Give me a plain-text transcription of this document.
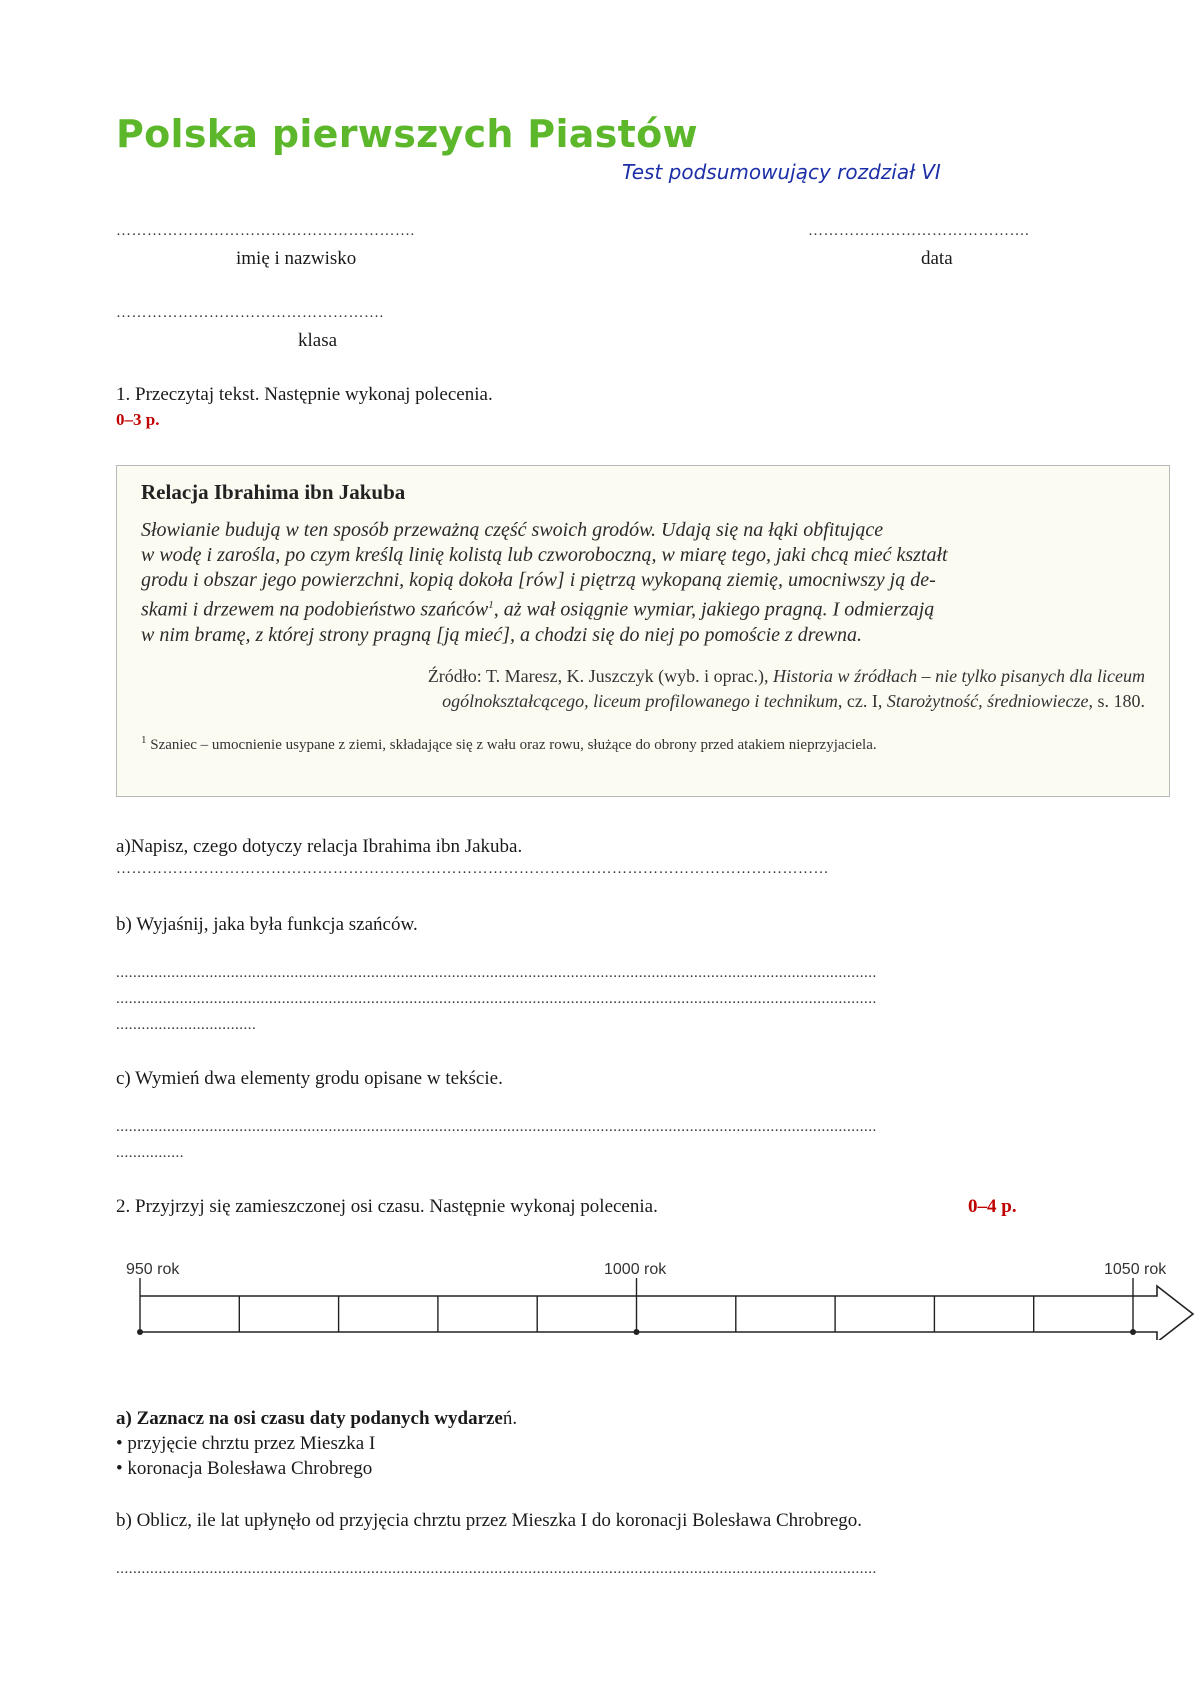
Polska pierwszych Piastów
Test podsumowujący rozdział VI
………………………………………………….
imię i nazwisko
…………………………………….
data
…………………………………………….
klasa
1. Przeczytaj tekst. Następnie wykonaj polecenia.
0–3 p.
Relacja Ibrahima ibn Jakuba
Słowianie budują w ten sposób przeważną część swoich grodów. Udają się na łąki obfitujące
w wodę i zarośla, po czym kreślą linię kolistą lub czworoboczną, w miarę tego, jaki chcą mieć kształt
grodu i obszar jego powierzchni, kopią dokoła [rów] i piętrzą wykopaną ziemię, umocniwszy ją de-
skami i drzewem na podobieństwo szańców$^1$, aż wał osiągnie wymiar, jakiego pragną. I odmierzają
w nim bramę, z której strony pragną [ją mieć], a chodzi się do niej po pomoście z drewna.
Źródło: T. Maresz, K. Juszczyk (wyb. i oprac.), Historia w źródłach – nie tylko pisanych dla liceum
ogólnokształcącego, liceum profilowanego i technikum, cz. I, Starożytność, średniowiecze, s. 180.
$^1$ Szaniec – umocnienie usypane z ziemi, składające się z wału oraz rowu, służące do obrony przed atakiem nieprzyjaciela.
a)Napisz, czego dotyczy relacja Ibrahima ibn Jakuba.
…………………………………………………………………………………………………………………………
b) Wyjaśnij, jaka była funkcja szańców.
...................................................................................................................................................................................
...................................................................................................................................................................................
.................................
c) Wymień dwa elementy grodu opisane w tekście.
...................................................................................................................................................................................
................
2. Przyjrzyj się zamieszczonej osi czasu. Następnie wykonaj polecenia.	0–4 p.
950 rok	1000 rok	1050 rok
a) Zaznacz na osi czasu daty podanych wydarzeń.
• przyjęcie chrztu przez Mieszka I
• koronacja Bolesława Chrobrego
b) Oblicz, ile lat upłynęło od przyjęcia chrztu przez Mieszka I do koronacji Bolesława Chrobrego.
...................................................................................................................................................................................
